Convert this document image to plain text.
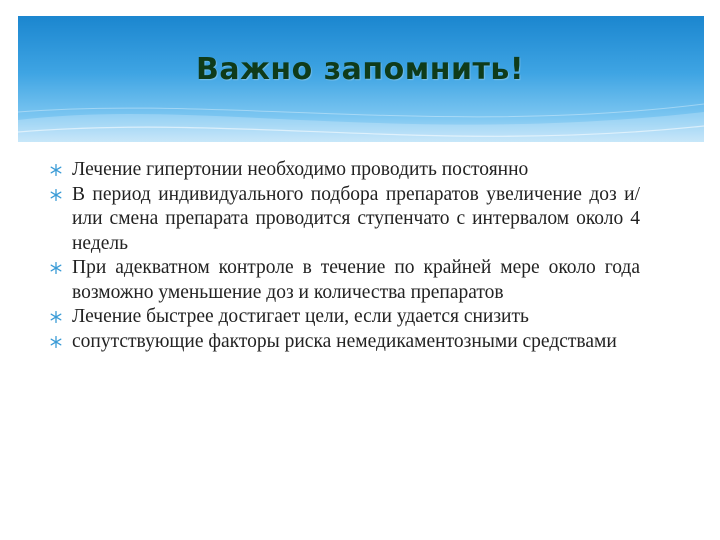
Важно запомнить!
Лечение гипертонии необходимо проводить постоянно
В период индивидуального подбора препаратов увеличение доз и/или смена препарата проводится ступенчато с интервалом около 4 недель
При адекватном контроле в течение по крайней мере около года возможно уменьшение доз и количества препаратов
Лечение быстрее достигает цели, если удается снизить
сопутствующие факторы риска немедикаментозными средствами
